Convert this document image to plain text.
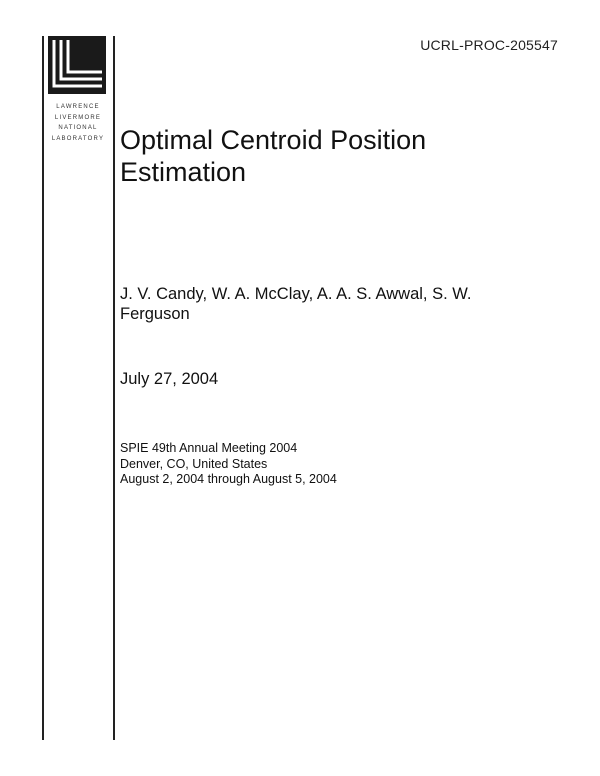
LAWRENCE
LIVERMORE
NATIONAL
LABORATORY
UCRL-PROC-205547
Optimal Centroid Position
Estimation
J. V. Candy, W. A. McClay, A. A. S. Awwal, S. W.
Ferguson
July 27, 2004
SPIE 49th Annual Meeting 2004
Denver, CO, United States
August 2, 2004 through August 5, 2004
